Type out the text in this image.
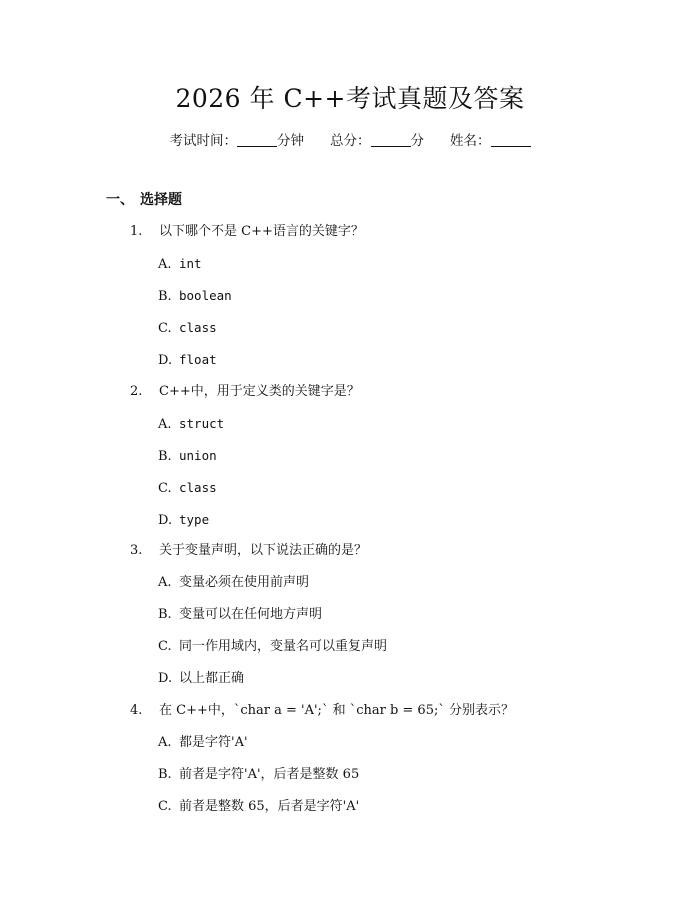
2026 年 C++考试真题及答案
考试时间：	分钟 总分：	分 姓名：
一、 选择题
1. 以下哪个不是 C++语言的关键字？
A. int
B. boolean
C. class
D. float
2. C++中，用于定义类的关键字是？
A. struct
B. union
C. class
D. type
3. 关于变量声明，以下说法正确的是？
A. 变量必须在使用前声明
B. 变量可以在任何地方声明
C. 同一作用域内，变量名可以重复声明
D. 以上都正确
4. 在 C++中，`char a = 'A';` 和 `char b = 65;` 分别表示？
A. 都是字符'A'
B. 前者是字符'A'，后者是整数 65
C. 前者是整数 65，后者是字符'A'
